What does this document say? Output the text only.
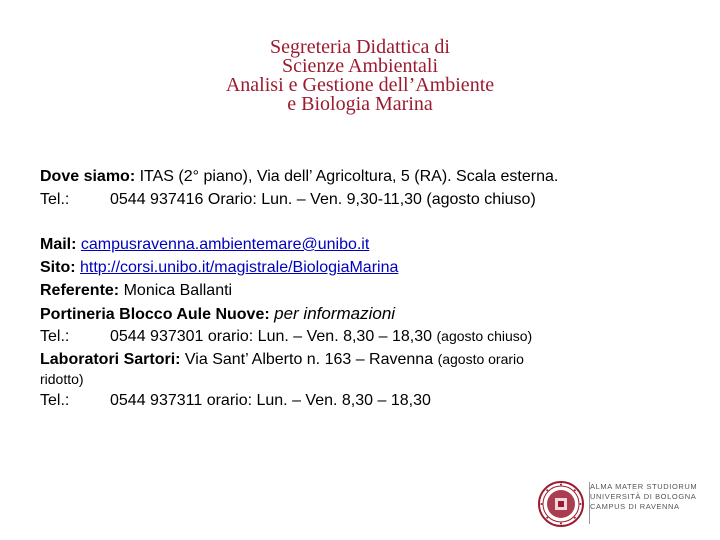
Segreteria Didattica di
Scienze Ambientali
Analisi e Gestione dell’Ambiente
e Biologia Marina
Dove siamo: ITAS (2° piano), Via dell’ Agricoltura, 5 (RA). Scala esterna.
Tel.:	0544 937416 Orario: Lun. – Ven. 9,30-11,30 (agosto chiuso)
Mail: campusravenna.ambientemare@unibo.it
Sito: http://corsi.unibo.it/magistrale/BiologiaMarina
Referente: Monica Ballanti
Portineria Blocco Aule Nuove: per informazioni
Tel.:	0544 937301 orario: Lun. – Ven. 8,30 – 18,30 (agosto chiuso)
Laboratori Sartori: Via Sant’ Alberto n. 163 – Ravenna (agosto orario
ridotto)
Tel.:	0544 937311 orario: Lun. – Ven. 8,30 – 18,30
ALMA MATER STUDIORUM
UNIVERSITÀ DI BOLOGNA
CAMPUS DI RAVENNA
